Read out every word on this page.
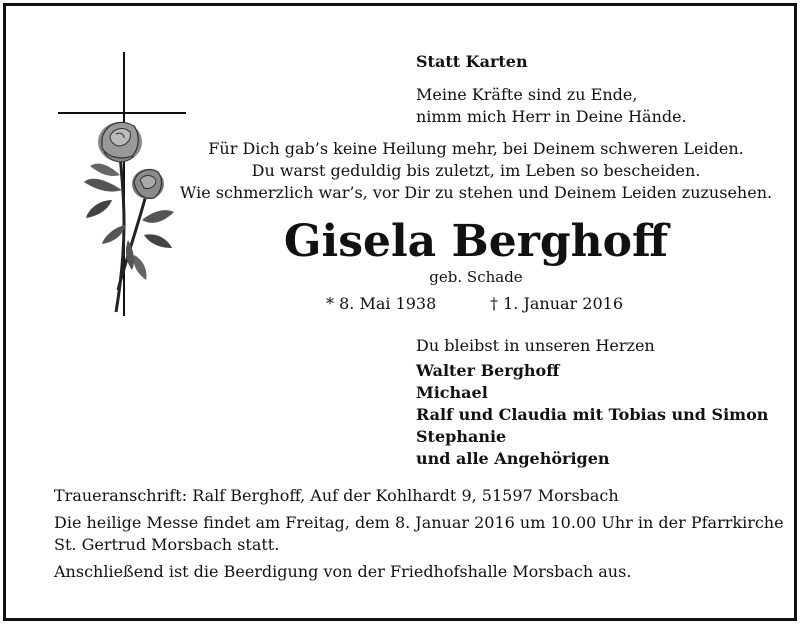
Statt Karten
Meine Kräfte sind zu Ende,
nimm mich Herr in Deine Hände.
Für Dich gab’s keine Heilung mehr, bei Deinem schweren Leiden.
Du warst geduldig bis zuletzt, im Leben so bescheiden.
Wie schmerzlich war’s, vor Dir zu stehen und Deinem Leiden zuzusehen.
Gisela Berghoff
geb. Schade
* 8. Mai 1938	† 1. Januar 2016
Du bleibst in unseren Herzen
Walter Berghoff
Michael
Ralf und Claudia mit Tobias und Simon
Stephanie
und alle Angehörigen
Traueranschrift: Ralf Berghoff, Auf der Kohlhardt 9, 51597 Morsbach
Die heilige Messe findet am Freitag, dem 8. Januar 2016 um 10.00 Uhr in der Pfarrkirche
St. Gertrud Morsbach statt.
Anschließend ist die Beerdigung von der Friedhofshalle Morsbach aus.
